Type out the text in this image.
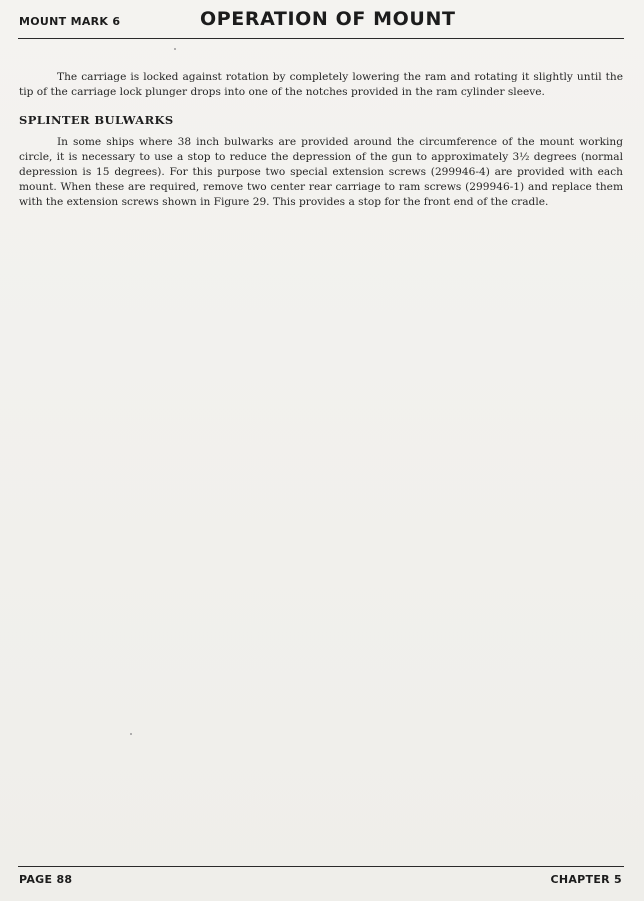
MOUNT MARK 6	OPERATION OF MOUNT

The carriage is locked against rotation by completely lowering the ram and rotating it slightly until the tip of the carriage lock plunger drops into one of the notches provided in the ram cylinder sleeve.

SPLINTER BULWARKS

In some ships where 38 inch bulwarks are provided around the circumference of the mount working circle, it is necessary to use a stop to reduce the depression of the gun to approximately 3½ degrees (normal depression is 15 degrees). For this purpose two special extension screws (299946-4) are provided with each mount. When these are required, remove two center rear carriage to ram screws (299946-1) and replace them with the extension screws shown in Figure 29. This provides a stop for the front end of the cradle.

PAGE 88	CHAPTER 5
